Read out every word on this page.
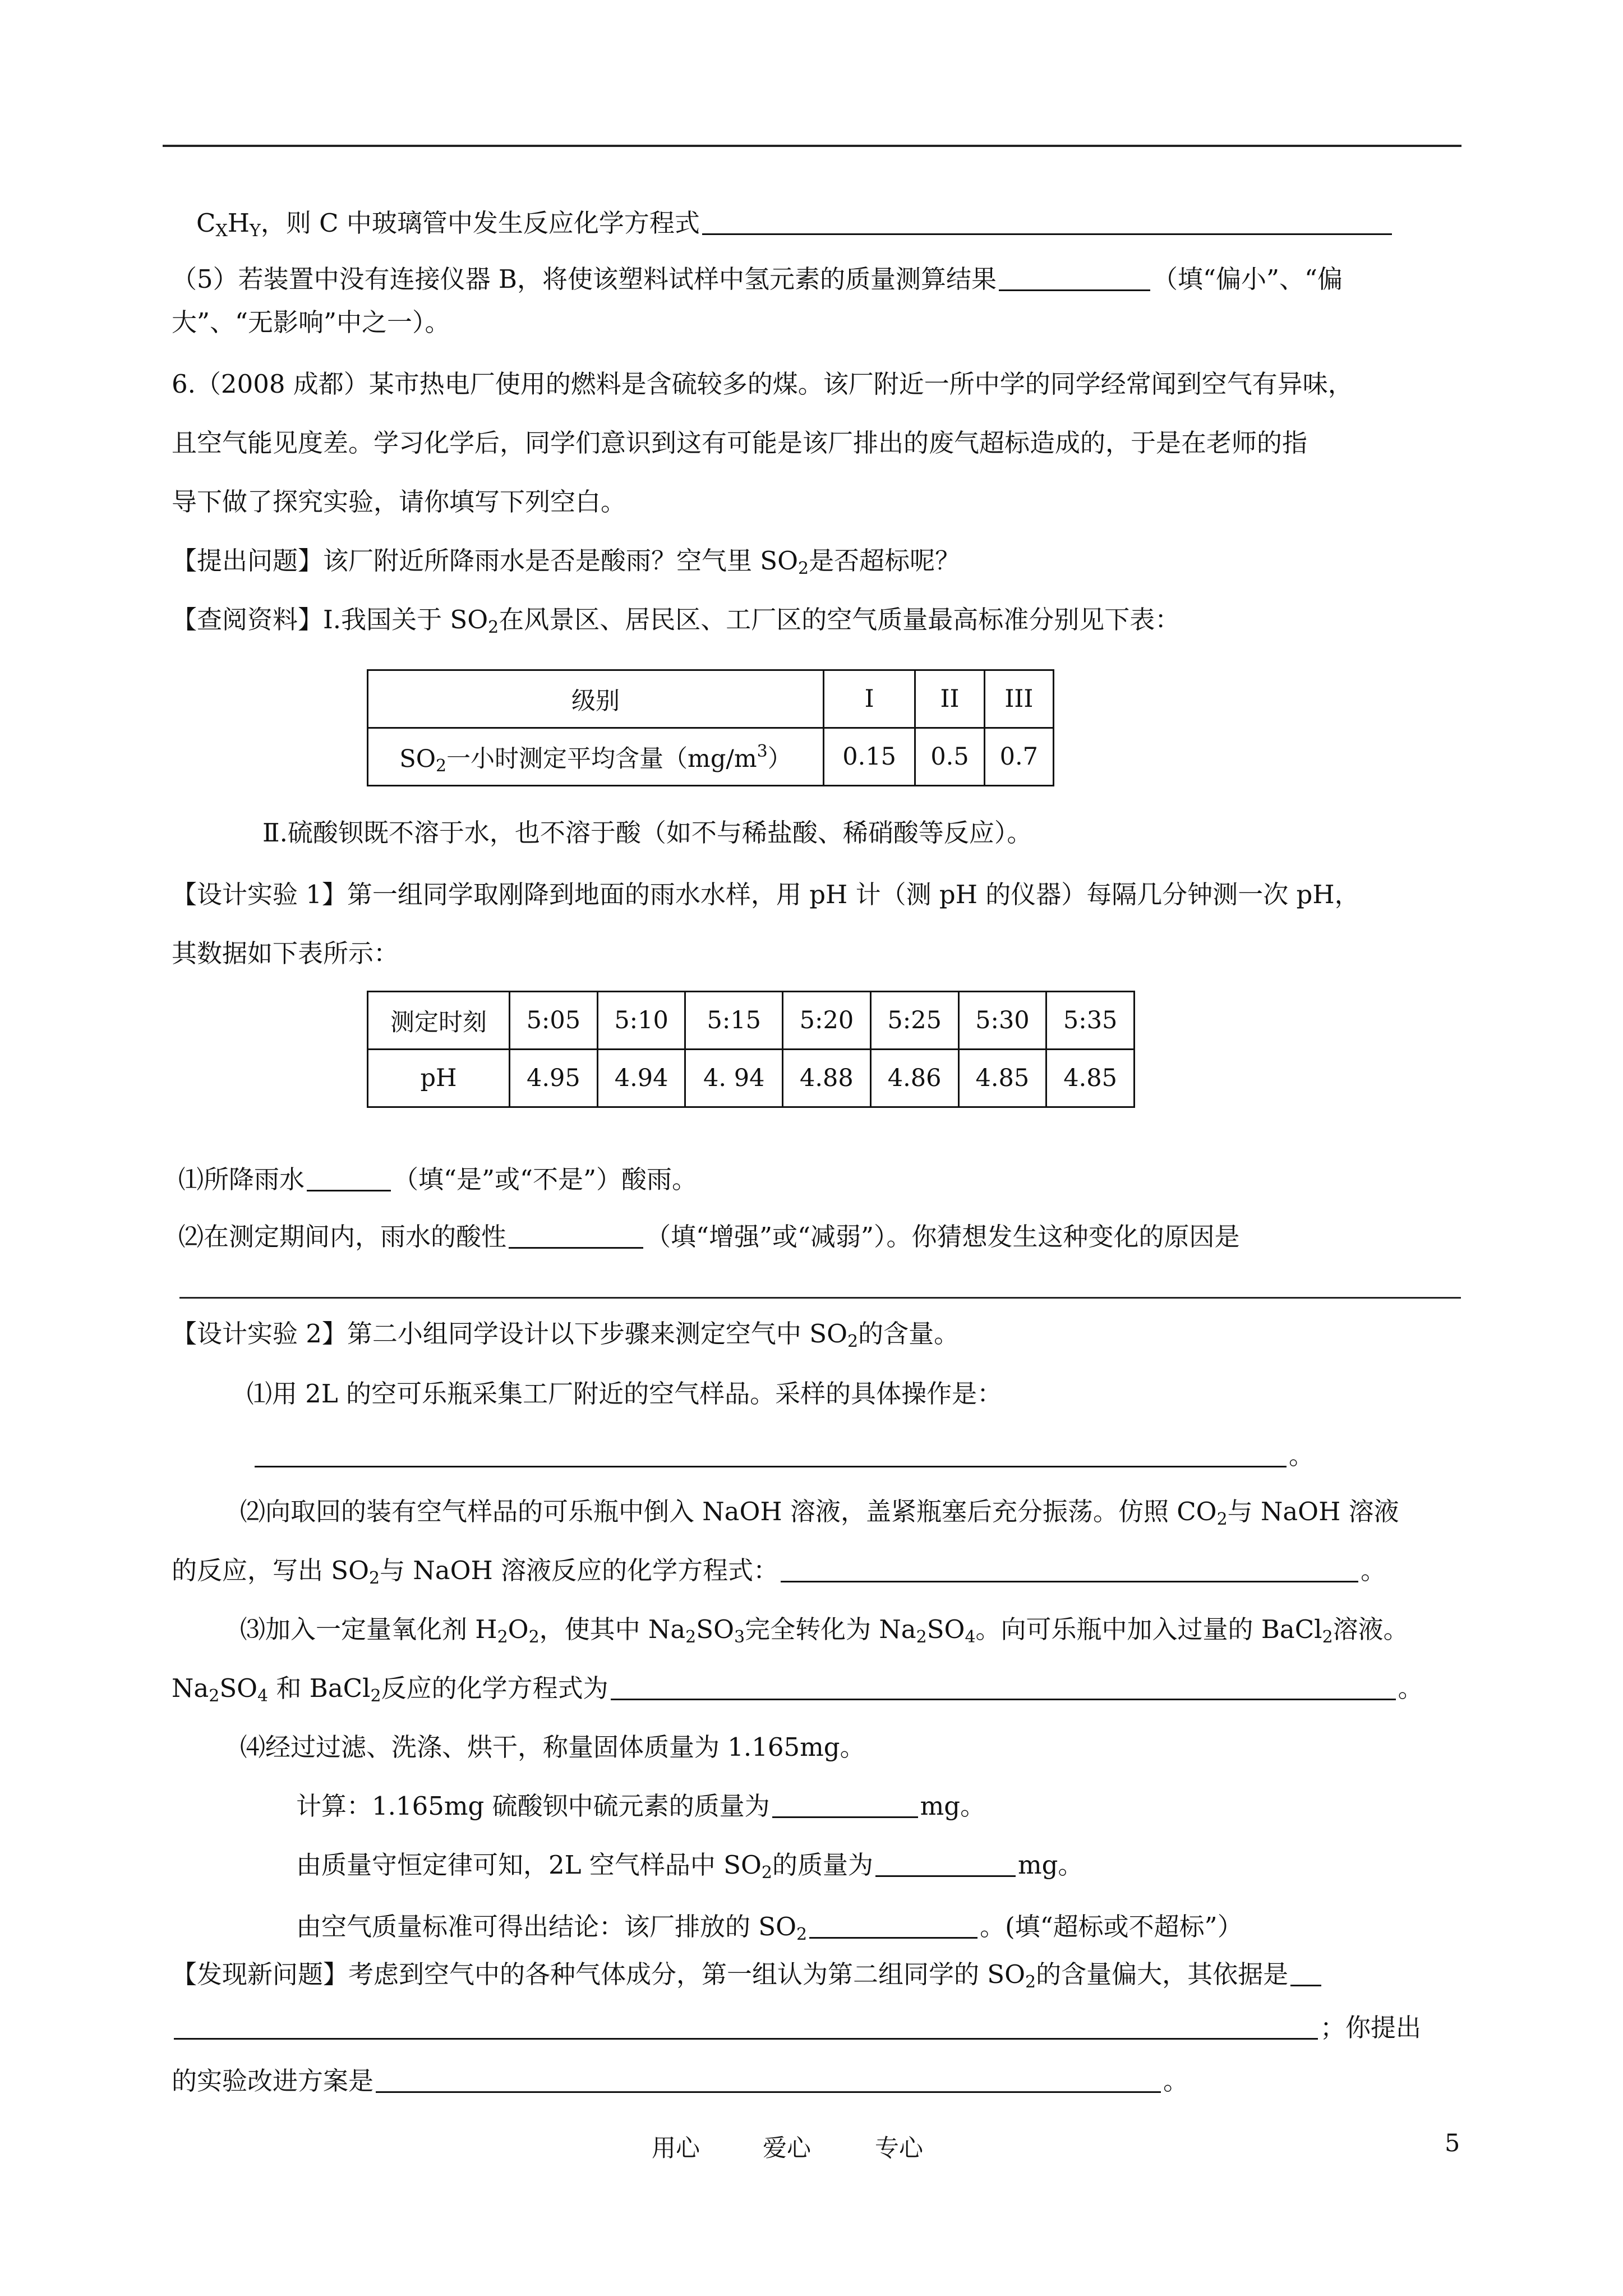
$C_XH_Y$，则 C 中玻璃管中发生反应化学方程式
（5）若装置中没有连接仪器 B，将使该塑料试样中氢元素的质量测算结果	（填“偏小”、“偏
大”、“无影响”中之一）。
6.（2008 成都）某市热电厂使用的燃料是含硫较多的煤。该厂附近一所中学的同学经常闻到空气有异味，
且空气能见度差。学习化学后，同学们意识到这有可能是该厂排出的废气超标造成的，于是在老师的指
导下做了探究实验，请你填写下列空白。
【提出问题】该厂附近所降雨水是否是酸雨？空气里 $SO_2$是否超标呢？
【查阅资料】Ⅰ.我国关于 $SO_2$在风景区、居民区、工厂区的空气质量最高标准分别见下表：
级别	I	II	III
$SO_2$一小时测定平均含量$(mg/m^3)$	0.15	0.5	0.7
Ⅱ.硫酸钡既不溶于水，也不溶于酸（如不与稀盐酸、稀硝酸等反应）。
【设计实验 1】第一组同学取刚降到地面的雨水水样，用 pH 计（测 pH 的仪器）每隔几分钟测一次 pH，
其数据如下表所示：
测定时刻	5:05	5:10	5:15	5:20	5:25	5:30	5:35
pH	4.95	4.94	4. 94	4.88	4.86	4.85	4.85
⑴所降雨水	（填“是”或“不是”）酸雨。
⑵在测定期间内，雨水的酸性	（填“增强”或“减弱”）。你猜想发生这种变化的原因是
【设计实验 2】第二小组同学设计以下步骤来测定空气中 $SO_2$的含量。
⑴用 2L 的空可乐瓶采集工厂附近的空气样品。采样的具体操作是：
。
⑵向取回的装有空气样品的可乐瓶中倒入 NaOH 溶液，盖紧瓶塞后充分振荡。仿照 $CO_2$与 NaOH 溶液
的反应，写出 $SO_2$与 NaOH 溶液反应的化学方程式：	。
⑶加入一定量氧化剂 $H_2O_2$，使其中 $Na_2SO_3$完全转化为 $Na_2SO_4$。向可乐瓶中加入过量的 BaCl$_2$溶液。
$Na_2SO_4$ 和 BaCl$_2$反应的化学方程式为	。
⑷经过过滤、洗涤、烘干，称量固体质量为 1.165mg。
计算：1.165mg 硫酸钡中硫元素的质量为	mg。
由质量守恒定律可知，2L 空气样品中 $SO_2$的质量为	mg。
由空气质量标准可得出结论：该厂排放的 $SO_2$	。(填“超标或不超标”）
【发现新问题】考虑到空气中的各种气体成分，第一组认为第二组同学的 $SO_2$的含量偏大，其依据是
；你提出
的实验改进方案是	。
用心	爱心	专心	5
